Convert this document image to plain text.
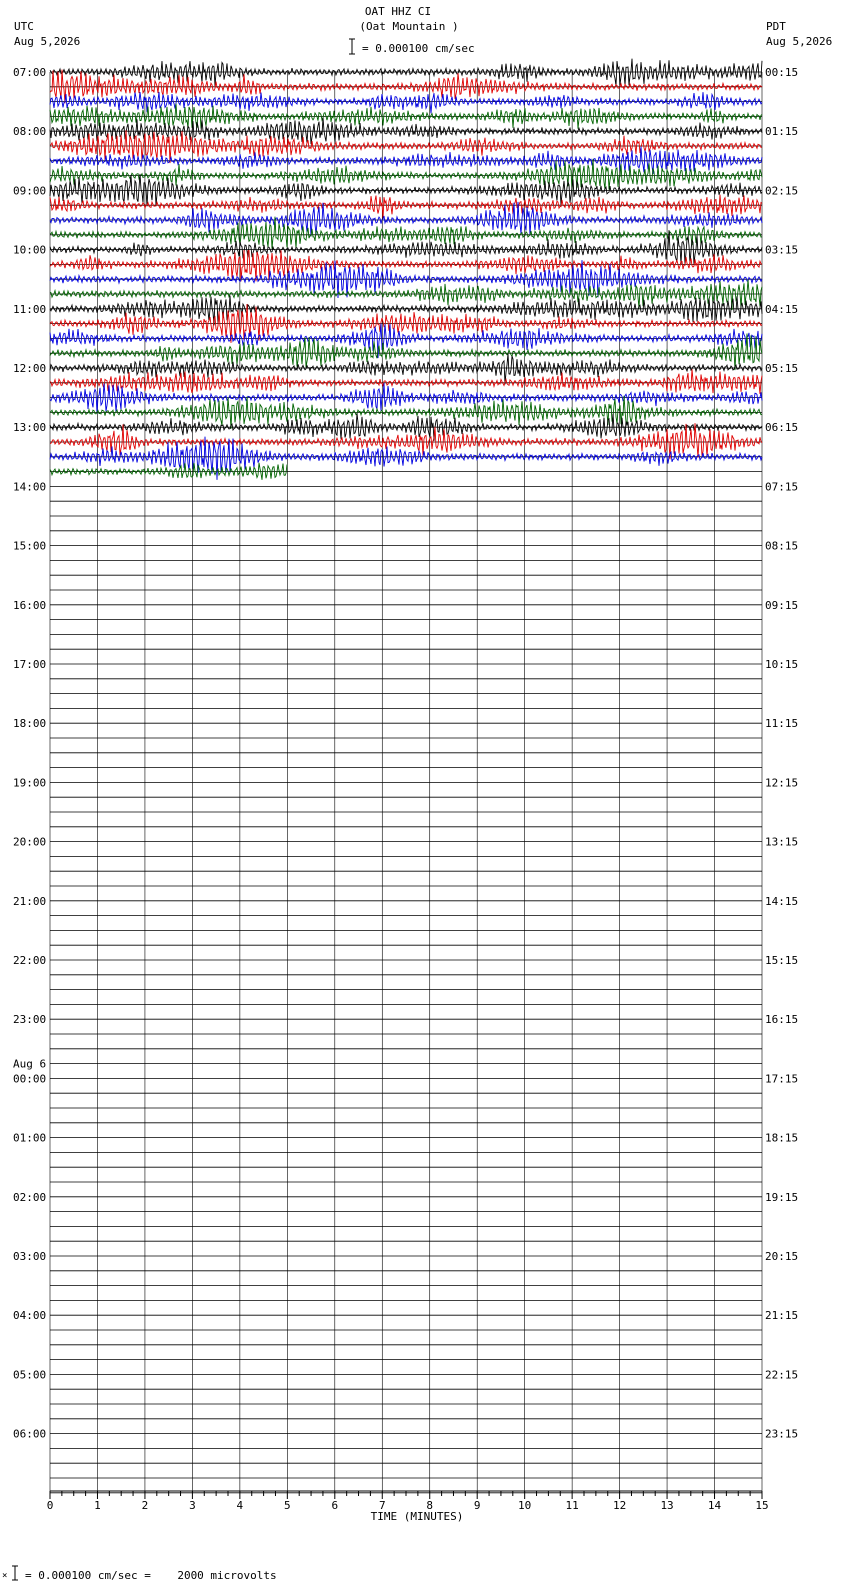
OAT HHZ CI
(Oat Mountain )
= 0.000100 cm/sec
UTC
Aug 5,2026
PDT
Aug 5,2026
07:00
08:00
09:00
10:00
11:00
12:00
13:00
14:00
15:00
16:00
17:00
18:00
19:00
20:00
21:00
22:00
23:00
00:00
Aug 6
01:00
02:00
03:00
04:00
05:00
06:00
00:15
01:15
02:15
03:15
04:15
05:15
06:15
07:15
08:15
09:15
10:15
11:15
12:15
13:15
14:15
15:15
16:15
17:15
18:15
19:15
20:15
21:15
22:15
23:15
0	1	2	3	4	5	6	7	8	9	10	11	12	13	14	15
TIME (MINUTES)
× = 0.000100 cm/sec =    2000 microvolts
